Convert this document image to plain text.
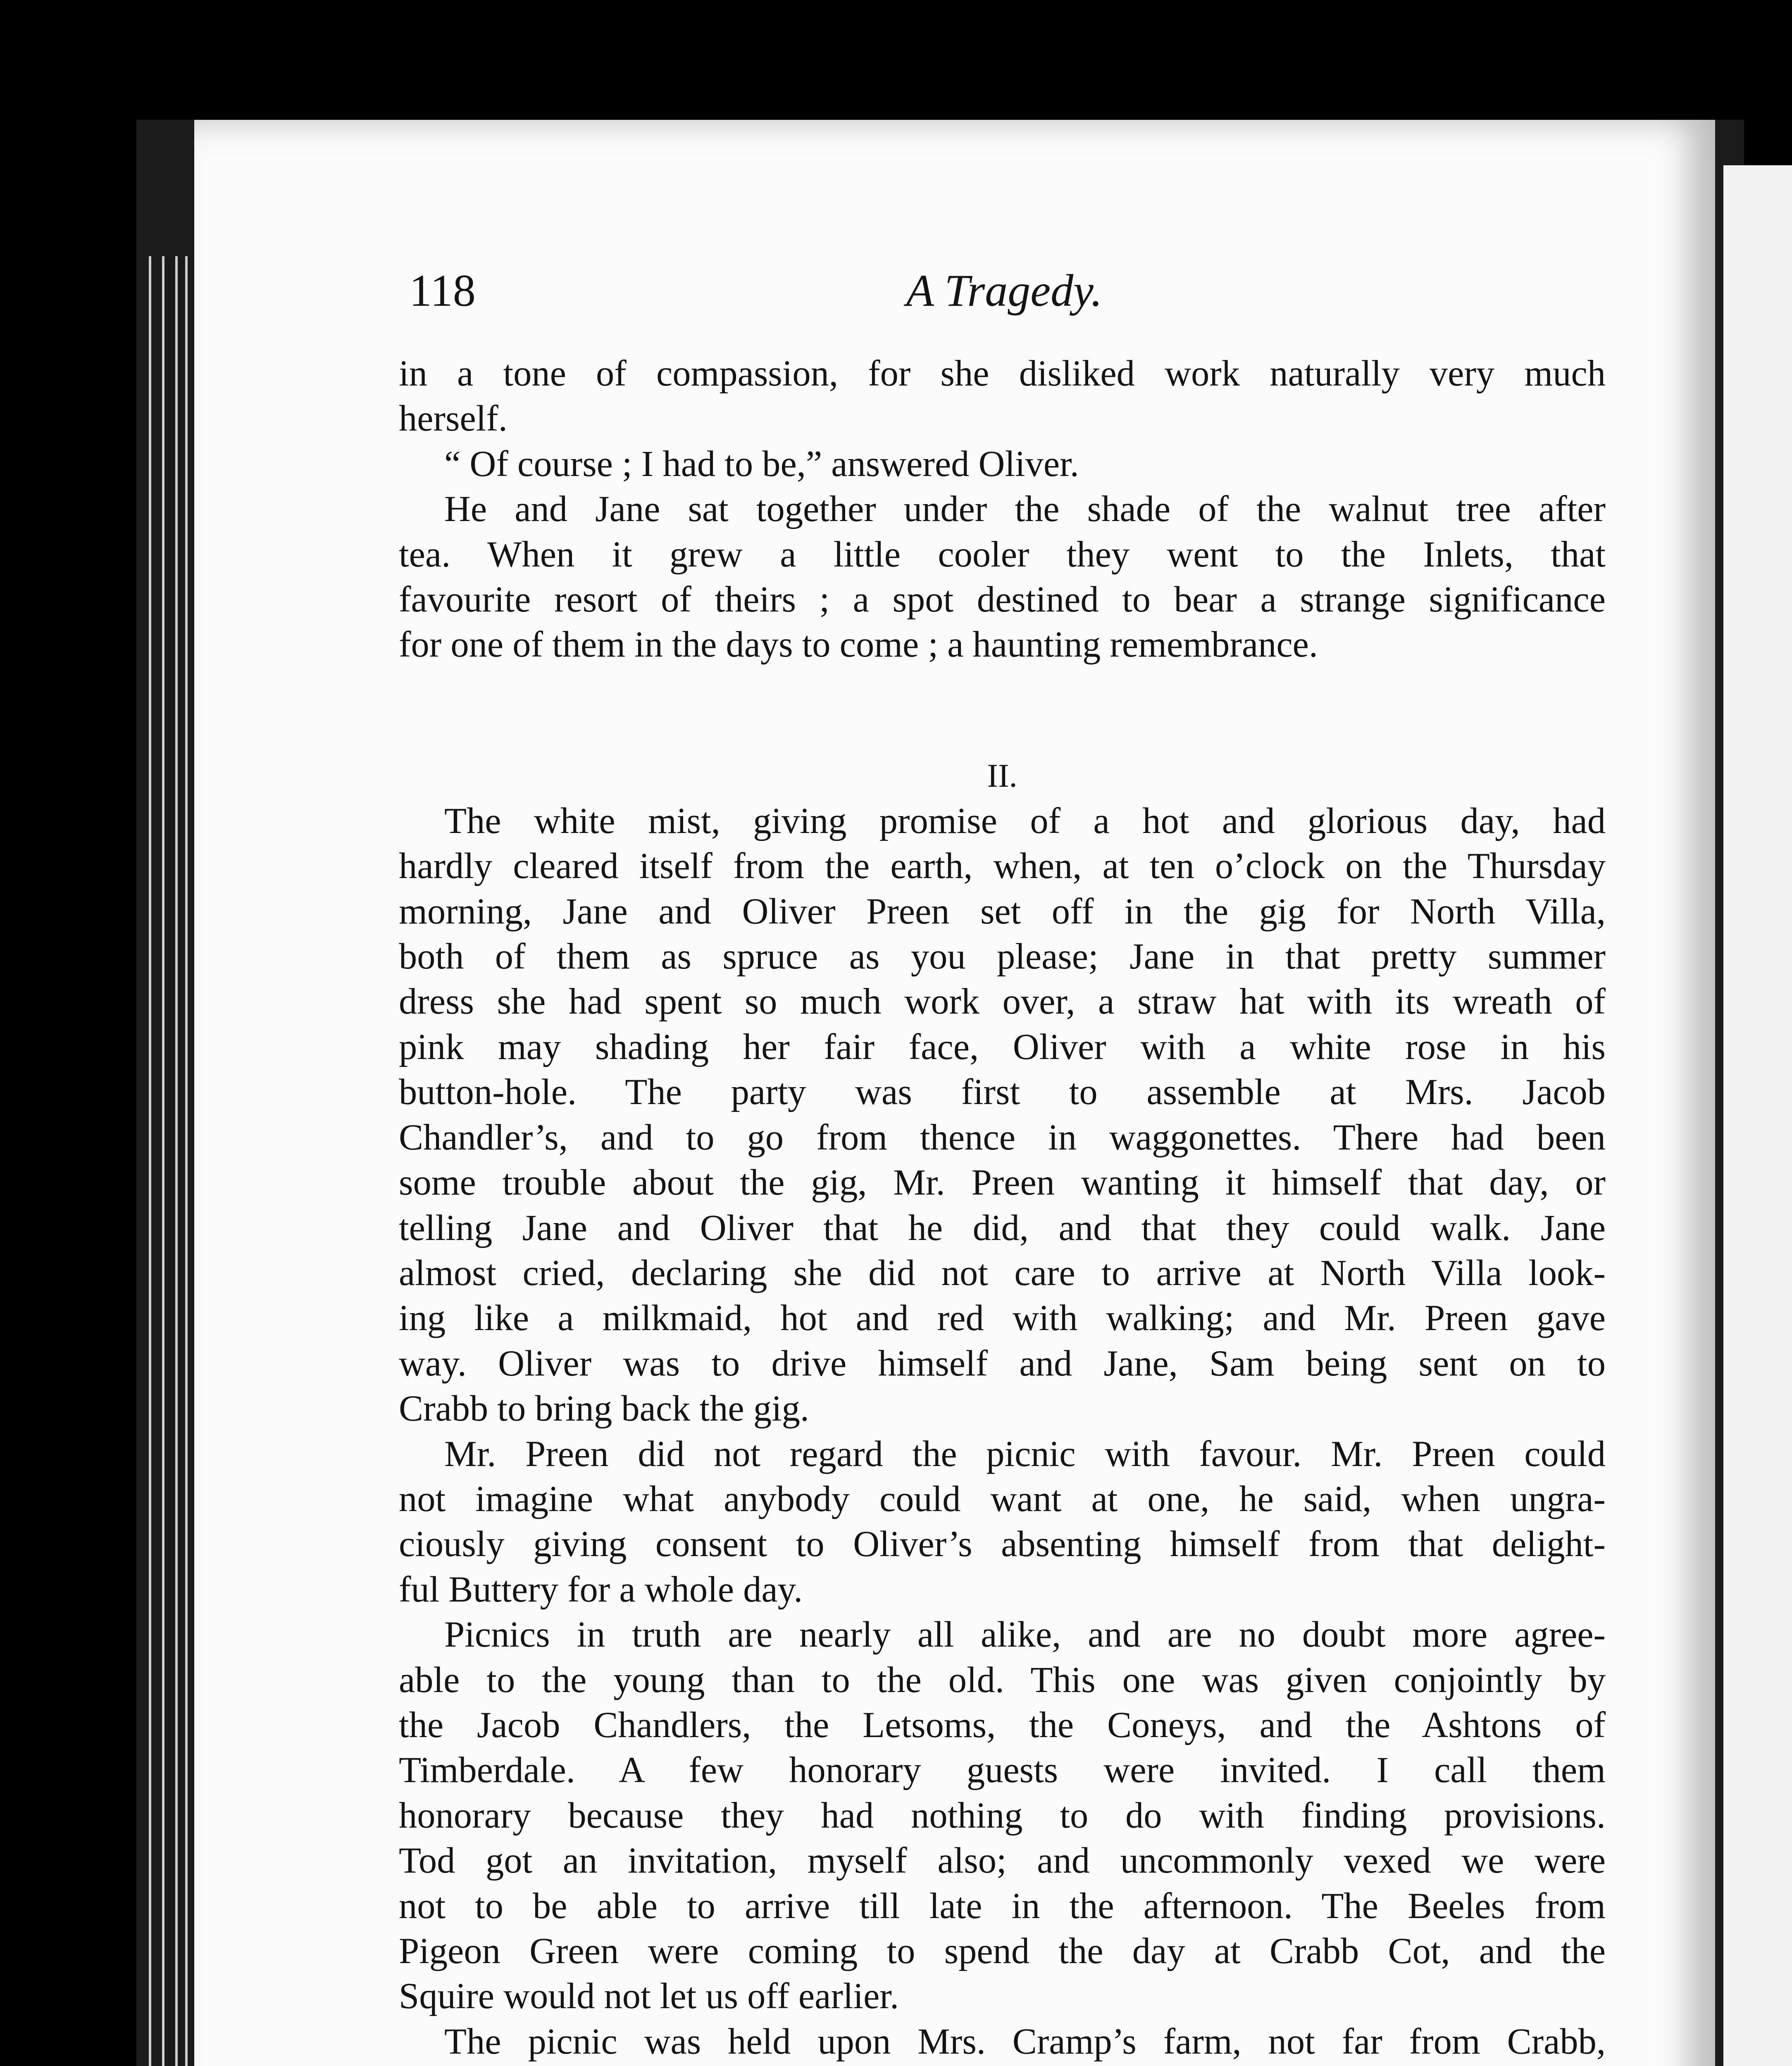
118	A Tragedy.
in a tone of compassion, for she disliked work naturally very much
herself.
“ Of course ; I had to be,” answered Oliver.
He and Jane sat together under the shade of the walnut tree after
tea. When it grew a little cooler they went to the Inlets, that
favourite resort of theirs ; a spot destined to bear a strange significance
for one of them in the days to come ; a haunting remembrance.
II.
The white mist, giving promise of a hot and glorious day, had
hardly cleared itself from the earth, when, at ten o’clock on the Thursday
morning, Jane and Oliver Preen set off in the gig for North Villa,
both of them as spruce as you please; Jane in that pretty summer
dress she had spent so much work over, a straw hat with its wreath of
pink may shading her fair face, Oliver with a white rose in his
button-hole. The party was first to assemble at Mrs. Jacob
Chandler’s, and to go from thence in waggonettes. There had been
some trouble about the gig, Mr. Preen wanting it himself that day, or
telling Jane and Oliver that he did, and that they could walk. Jane
almost cried, declaring she did not care to arrive at North Villa look-
ing like a milkmaid, hot and red with walking; and Mr. Preen gave
way. Oliver was to drive himself and Jane, Sam being sent on to
Crabb to bring back the gig.
Mr. Preen did not regard the picnic with favour. Mr. Preen could
not imagine what anybody could want at one, he said, when ungra-
ciously giving consent to Oliver’s absenting himself from that delight-
ful Buttery for a whole day.
Picnics in truth are nearly all alike, and are no doubt more agree-
able to the young than to the old. This one was given conjointly by
the Jacob Chandlers, the Letsoms, the Coneys, and the Ashtons of
Timberdale. A few honorary guests were invited. I call them
honorary because they had nothing to do with finding provisions.
Tod got an invitation, myself also; and uncommonly vexed we were
not to be able to arrive till late in the afternoon. The Beeles from
Pigeon Green were coming to spend the day at Crabb Cot, and the
Squire would not let us off earlier.
The picnic was held upon Mrs. Cramp’s farm, not far from Crabb,
